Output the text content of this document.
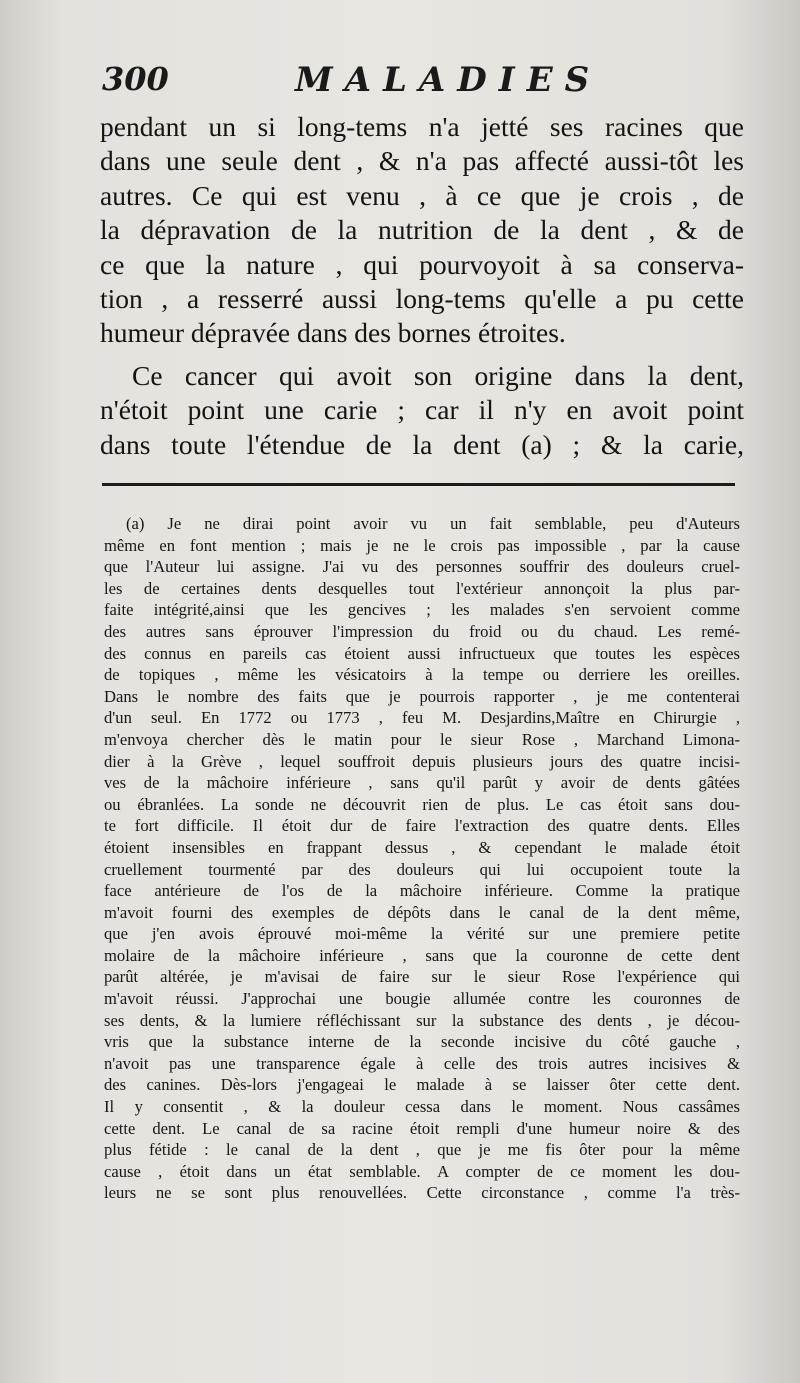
300	MALADIES
pendant un si long-tems n'a jetté ses racines que
dans une seule dent , & n'a pas affecté aussi-tôt les
autres. Ce qui est venu , à ce que je crois , de
la dépravation de la nutrition de la dent , & de
ce que la nature , qui pourvoyoit à sa conserva-
tion , a resserré aussi long-tems qu'elle a pu cette
humeur dépravée dans des bornes étroites.
Ce cancer qui avoit son origine dans la dent,
n'étoit point une carie ; car il n'y en avoit point
dans toute l'étendue de la dent (a) ; & la carie,
(a) Je ne dirai point avoir vu un fait semblable, peu d'Auteurs
même en font mention ; mais je ne le crois pas impossible , par la cause
que l'Auteur lui assigne. J'ai vu des personnes souffrir des douleurs cruel-
les de certaines dents desquelles tout l'extérieur annonçoit la plus par-
faite intégrité,ainsi que les gencives ; les malades s'en servoient comme
des autres sans éprouver l'impression du froid ou du chaud. Les remé-
des connus en pareils cas étoient aussi infructueux que toutes les espèces
de topiques , même les vésicatoirs à la tempe ou derriere les oreilles.
Dans le nombre des faits que je pourrois rapporter , je me contenterai
d'un seul. En 1772 ou 1773 , feu M. Desjardins,Maître en Chirurgie ,
m'envoya chercher dès le matin pour le sieur Rose , Marchand Limona-
dier à la Grève , lequel souffroit depuis plusieurs jours des quatre incisi-
ves de la mâchoire inférieure , sans qu'il parût y avoir de dents gâtées
ou ébranlées. La sonde ne découvrit rien de plus. Le cas étoit sans dou-
te fort difficile. Il étoit dur de faire l'extraction des quatre dents. Elles
étoient insensibles en frappant dessus , & cependant le malade étoit
cruellement tourmenté par des douleurs qui lui occupoient toute la
face antérieure de l'os de la mâchoire inférieure. Comme la pratique
m'avoit fourni des exemples de dépôts dans le canal de la dent même,
que j'en avois éprouvé moi-même la vérité sur une premiere petite
molaire de la mâchoire inférieure , sans que la couronne de cette dent
parût altérée, je m'avisai de faire sur le sieur Rose l'expérience qui
m'avoit réussi. J'approchai une bougie allumée contre les couronnes de
ses dents, & la lumiere réfléchissant sur la substance des dents , je décou-
vris que la substance interne de la seconde incisive du côté gauche ,
n'avoit pas une transparence égale à celle des trois autres incisives &
des canines. Dès-lors j'engageai le malade à se laisser ôter cette dent.
Il y consentit , & la douleur cessa dans le moment. Nous cassâmes
cette dent. Le canal de sa racine étoit rempli d'une humeur noire & des
plus fétide : le canal de la dent , que je me fis ôter pour la même
cause , étoit dans un état semblable. A compter de ce moment les dou-
leurs ne se sont plus renouvellées. Cette circonstance , comme l'a très-
